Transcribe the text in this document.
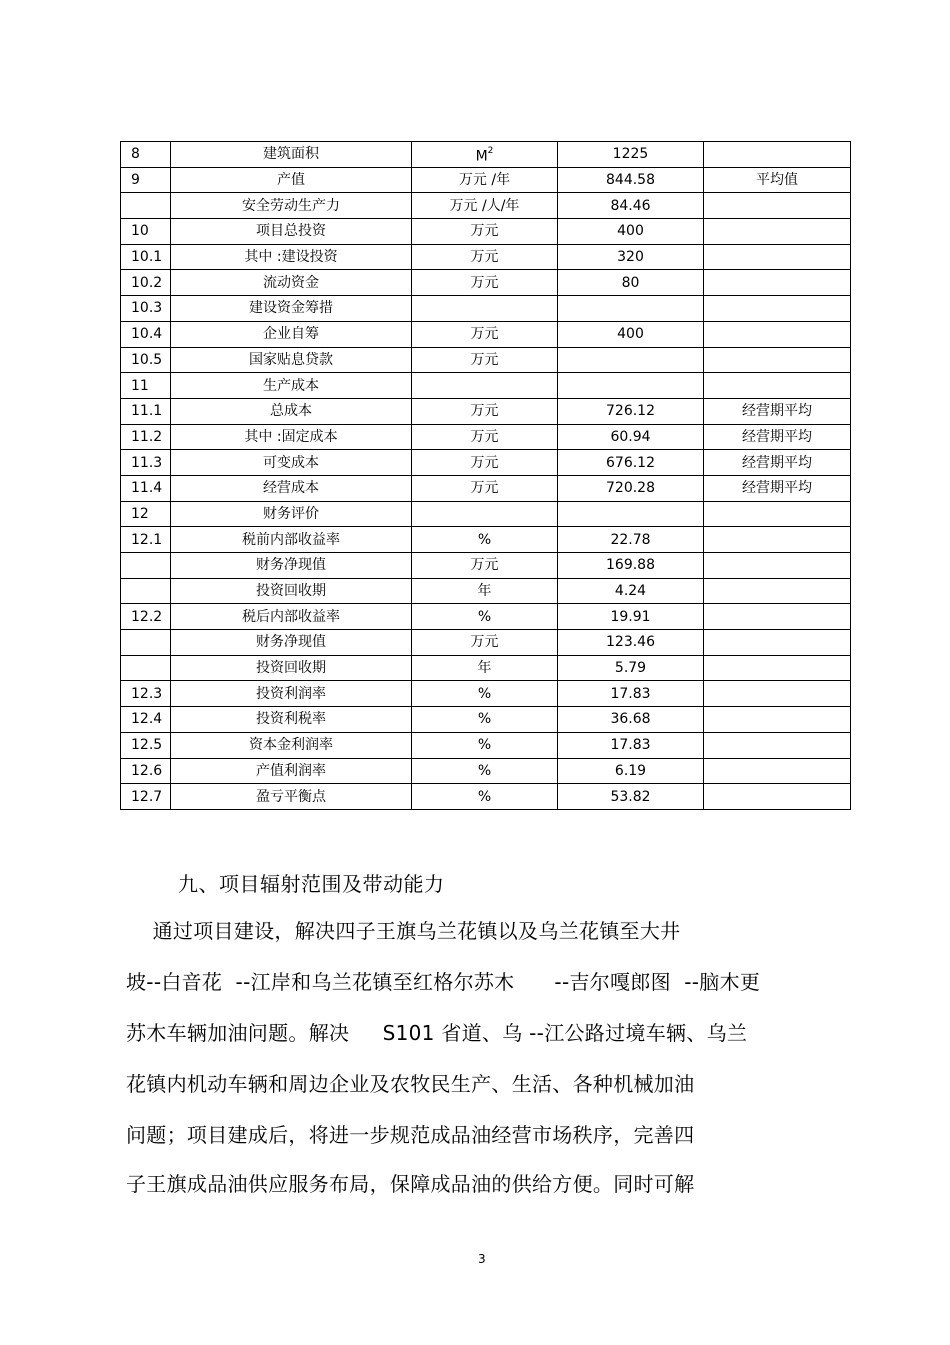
8	建筑面积	$M^2$	1225	
9	产值	万元 /年	844.58	平均值
	安全劳动生产力	万元 /人/年	84.46	
10	项目总投资	万元	400	
10.1	其中 :建设投资	万元	320	
10.2	流动资金	万元	80	
10.3	建设资金筹措			
10.4	企业自筹	万元	400	
10.5	国家贴息贷款	万元		
11	生产成本			
11.1	总成本	万元	726.12	经营期平均
11.2	其中 :固定成本	万元	60.94	经营期平均
11.3	可变成本	万元	676.12	经营期平均
11.4	经营成本	万元	720.28	经营期平均
12	财务评价			
12.1	税前内部收益率	%	22.78	
	财务净现值	万元	169.88	
	投资回收期	年	4.24	
12.2	税后内部收益率	%	19.91	
	财务净现值	万元	123.46	
	投资回收期	年	5.79	
12.3	投资利润率	%	17.83	
12.4	投资利税率	%	36.68	
12.5	资本金利润率	%	17.83	
12.6	产值利润率	%	6.19	
12.7	盈亏平衡点	%	53.82	
九、项目辐射范围及带动能力
通过项目建设，解决四子王旗乌兰花镇以及乌兰花镇至大井
坡--白音花  --江岸和乌兰花镇至红格尔苏木      --吉尔嘎郎图  --脑木更
苏木车辆加油问题。解决     S101 省道、乌 --江公路过境车辆、乌兰
花镇内机动车辆和周边企业及农牧民生产、生活、各种机械加油
问题；项目建成后，将进一步规范成品油经营市场秩序，完善四
子王旗成品油供应服务布局，保障成品油的供给方便。同时可解
3
